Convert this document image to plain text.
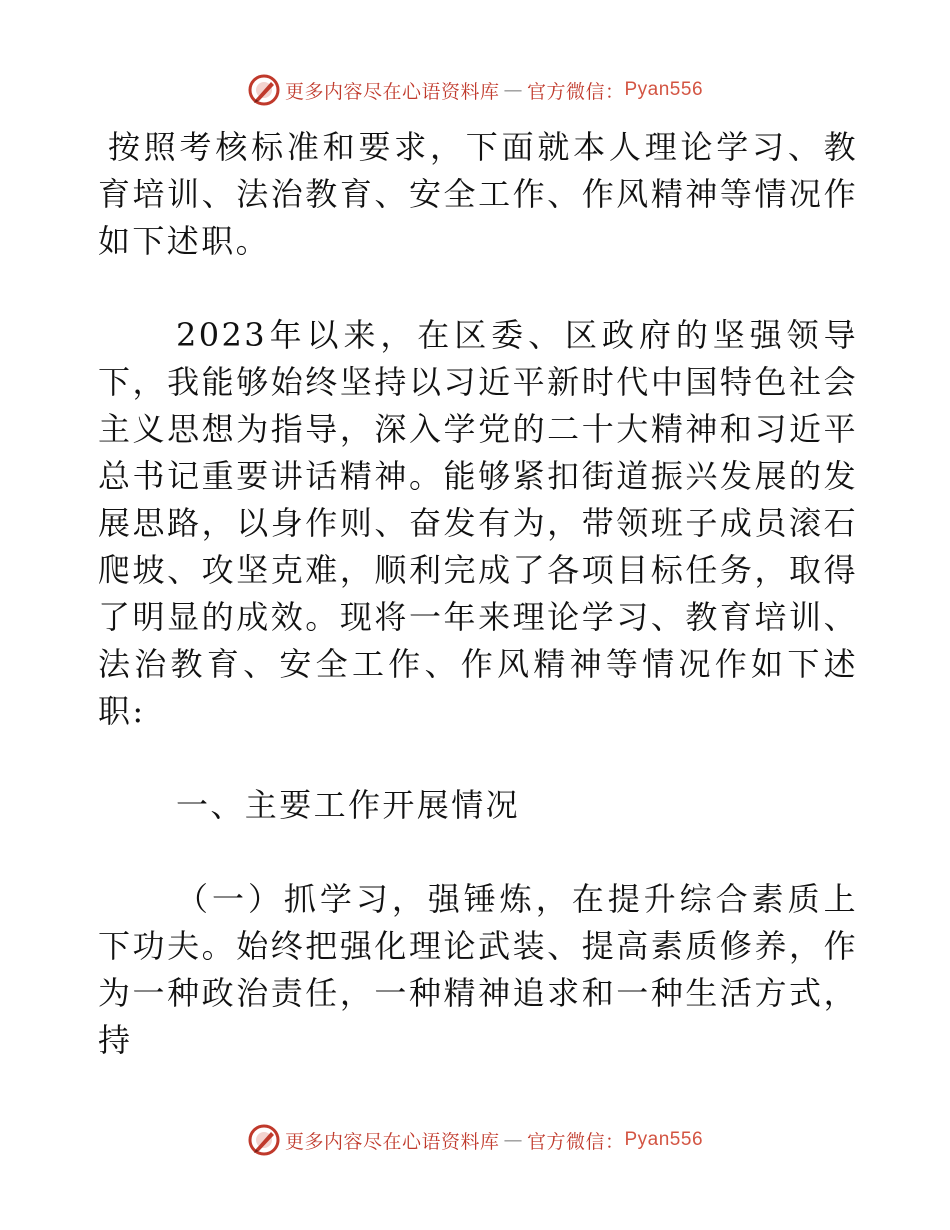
更多内容尽在心语资料库 — 官方微信： Pyan556

按照考核标准和要求，下面就本人理论学习、教育培训、法治教育、安全工作、作风精神等情况作如下述职。

2023年以来，在区委、区政府的坚强领导下，我能够始终坚持以习近平新时代中国特色社会主义思想为指导，深入学党的二十大精神和习近平总书记重要讲话精神。能够紧扣街道振兴发展的发展思路，以身作则、奋发有为，带领班子成员滚石爬坡、攻坚克难，顺利完成了各项目标任务，取得了明显的成效。现将一年来理论学习、教育培训、法治教育、安全工作、作风精神等情况作如下述职:

一、主要工作开展情况

（一）抓学习，强锤炼，在提升综合素质上下功夫。始终把强化理论武装、提高素质修养，作为一种政治责任，一种精神追求和一种生活方式，持

更多内容尽在心语资料库 — 官方微信： Pyan556
